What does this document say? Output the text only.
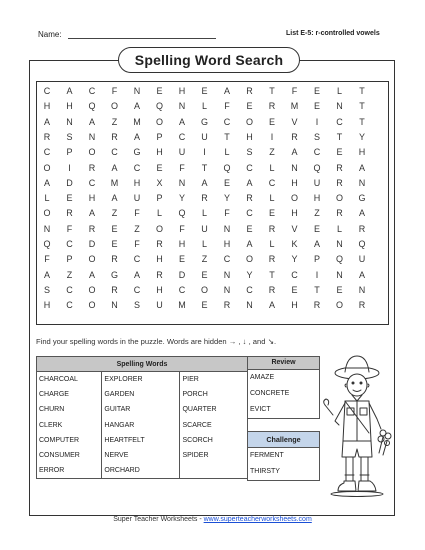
Name:	List E-5: r-controlled vowels
Spelling Word Search
C	A	C	F	N	E	H	E	A	R	T	F	E	L	T
H	H	Q	O	A	Q	N	L	F	E	R	M	E	N	T
A	N	A	Z	M	O	A	G	C	O	E	V	I	C	T
R	S	N	R	A	P	C	U	T	H	I	R	S	T	Y
C	P	O	C	G	H	U	I	L	S	Z	A	C	E	H
O	I	R	A	C	E	F	T	Q	C	L	N	Q	R	A
A	D	C	M	H	X	N	A	E	A	C	H	U	R	N
L	E	H	A	U	P	Y	R	Y	R	L	O	H	O	G
O	R	A	Z	F	L	Q	L	F	C	E	H	Z	R	A
N	F	R	E	Z	O	F	U	N	E	R	V	E	L	R
Q	C	D	E	F	R	H	L	H	A	L	K	A	N	Q
F	P	O	R	C	H	E	Z	C	O	R	Y	P	Q	U
A	Z	A	G	A	R	D	E	N	Y	T	C	I	N	A
S	C	O	R	C	H	C	O	N	C	R	E	T	E	N
H	C	O	N	S	U	M	E	R	N	A	H	R	O	R
Find your spelling words in the puzzle. Words are hidden → , ↓ , and ↘.
Spelling Words		
CHARCOAL	EXPLORER	PIER
CHARGE	GARDEN	PORCH
CHURN	GUITAR	QUARTER
CLERK	HANGAR	SCARCE
COMPUTER	HEARTFELT	SCORCH
CONSUMER	NERVE	SPIDER
ERROR	ORCHARD	
Review
AMAZE
CONCRETE
EVICT
Challenge
FERMENT
THIRSTY
Super Teacher Worksheets - www.superteacherworksheets.com
